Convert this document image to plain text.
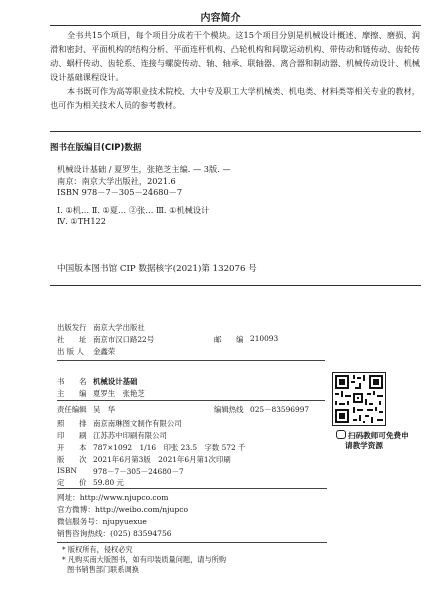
内容简介

全书共15个项目，每个项目分成若干个模块。这15个项目分别是机械设计概述、摩擦、磨损、润滑和密封、平面机构的结构分析、平面连杆机构、凸轮机构和间歇运动机构、带传动和链传动、齿轮传动、蜗杆传动、齿轮系、连接与螺旋传动、轴、轴承、联轴器、离合器和制动器、机械传动设计、机械设计基础课程设计。

本书既可作为高等职业技术院校、大中专及职工大学机械类、机电类、材料类等相关专业的教材，也可作为相关技术人员的参考教材。

图书在版编目(CIP)数据
机械设计基础 / 夏罗生，张艳芝主编. — 3版. —
南京：南京大学出版社，2021.6
ISBN 978－7－305－24680－7
Ⅰ. ①机… Ⅱ. ①夏… ②张… Ⅲ. ①机械设计
Ⅳ. ①TH122
中国版本图书馆 CIP 数据核字(2021)第 132076 号
出版发行 南京大学出版社
社　　址 南京市汉口路22号	邮　　编 210093
出 版 人 金鑫荣
书　　名 机械设计基础
主　　编 夏罗生　张艳芝
责任编辑 吴　华	编辑热线 025－83596997
照　　排 南京南琳图文制作有限公司
印　　刷 江苏苏中印刷有限公司
开　　本 787×1092　1/16　印张 23.5　字数 572 千
版　　次 2021年6月第3版　2021年6月第1次印刷
ISBN 978－7－305－24680－7
定　　价 59.80 元
扫码教师可免费申
请教学资源
网址：http://www.njupco.com
官方微博：http://weibo.com/njupco
微信服务号：njupyuexue
销售咨询热线：(025) 83594756
* 版权所有，侵权必究
* 凡购买南大版图书，如有印装质量问题，请与所购
图书销售部门联系调换
